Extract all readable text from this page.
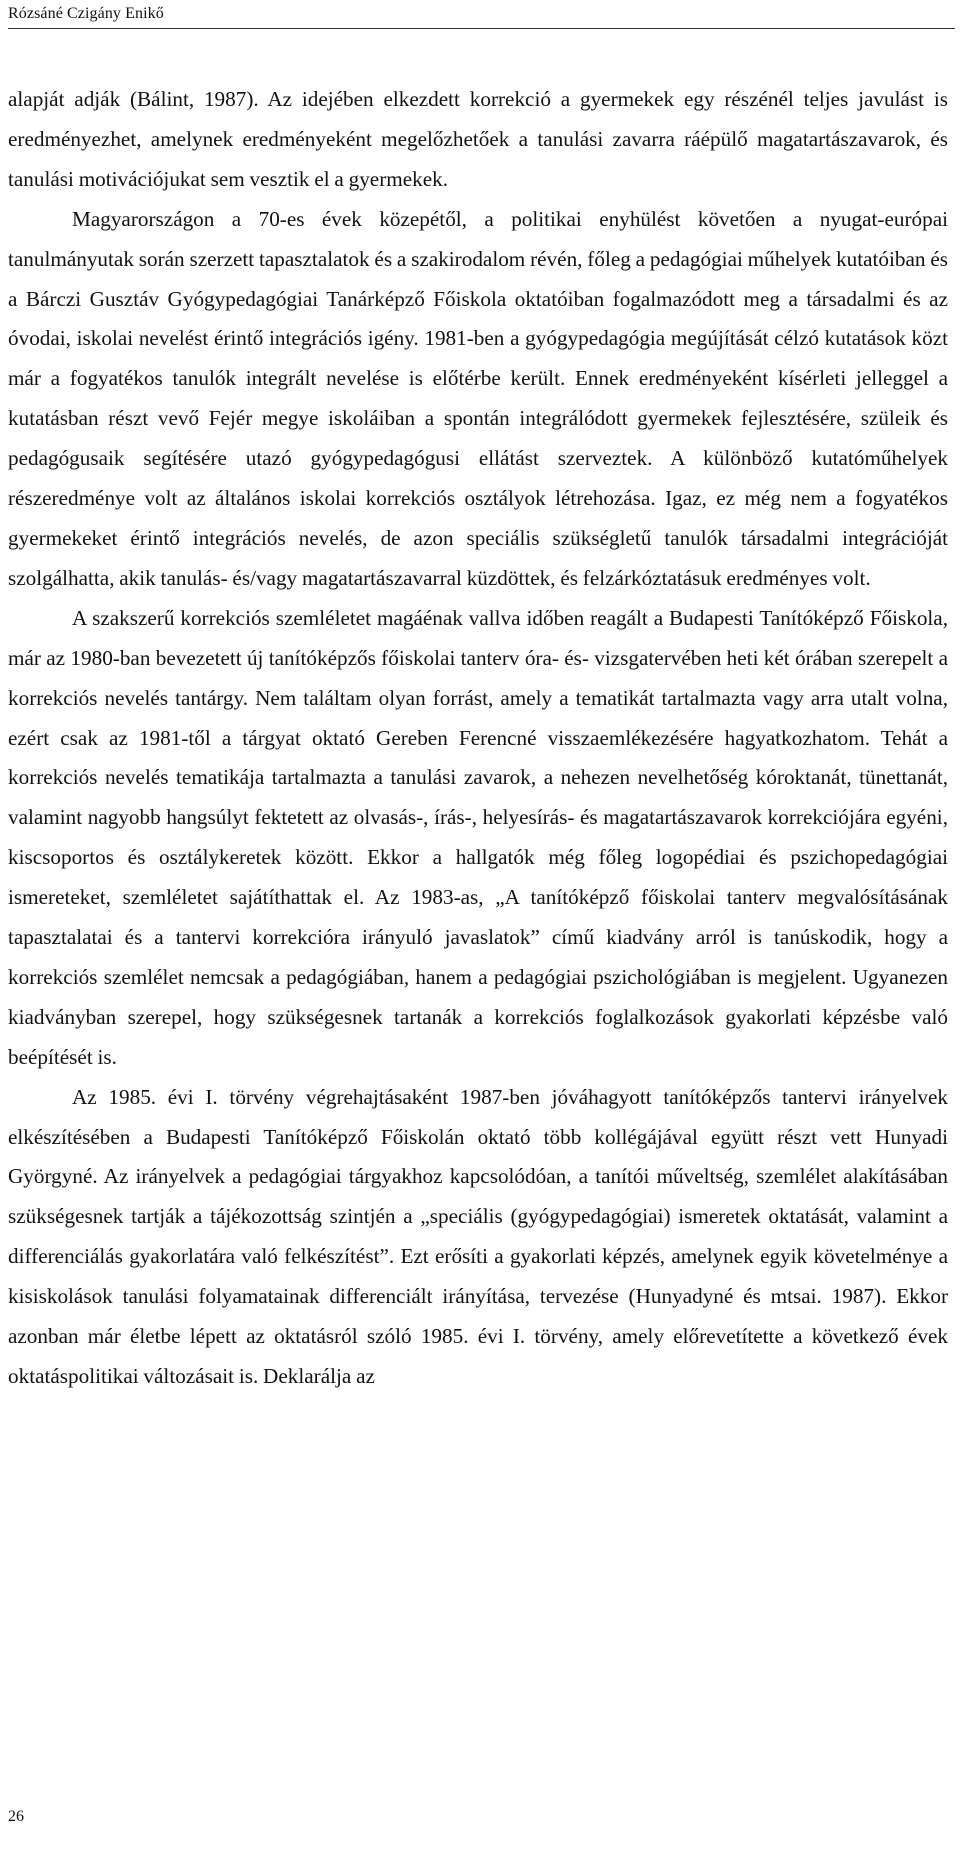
Rózsáné Czigány Enikő

alapját adják (Bálint, 1987). Az idejében elkezdett korrekció a gyermekek egy részénél teljes javulást is eredményezhet, amelynek eredményeként megelőzhetőek a tanulási zavarra ráépülő magatartászavarok, és tanulási motivációjukat sem vesztik el a gyermekek.

Magyarországon a 70-es évek közepétől, a politikai enyhülést követően a nyugat-európai tanulmányutak során szerzett tapasztalatok és a szakirodalom révén, főleg a pedagógiai műhelyek kutatóiban és a Bárczi Gusztáv Gyógypedagógiai Tanárképző Főiskola oktatóiban fogalmazódott meg a társadalmi és az óvodai, iskolai nevelést érintő integrációs igény. 1981-ben a gyógypedagógia megújítását célzó kutatások közt már a fogyatékos tanulók integrált nevelése is előtérbe került. Ennek eredményeként kísérleti jelleggel a kutatásban részt vevő Fejér megye iskoláiban a spontán integrálódott gyermekek fejlesztésére, szüleik és pedagógusaik segítésére utazó gyógypedagógusi ellátást szerveztek. A különböző kutatóműhelyek részeredménye volt az általános iskolai korrekciós osztályok létrehozása. Igaz, ez még nem a fogyatékos gyermekeket érintő integrációs nevelés, de azon speciális szükségletű tanulók társadalmi integrációját szolgálhatta, akik tanulás- és/vagy magatartászavarral küzdöttek, és felzárkóztatásuk eredményes volt.

A szakszerű korrekciós szemléletet magáénak vallva időben reagált a Budapesti Tanítóképző Főiskola, már az 1980-ban bevezetett új tanítóképzős főiskolai tanterv óra- és- vizsgatervében heti két órában szerepelt a korrekciós nevelés tantárgy. Nem találtam olyan forrást, amely a tematikát tartalmazta vagy arra utalt volna, ezért csak az 1981-től a tárgyat oktató Gereben Ferencné visszaemlékezésére hagyatkozhatom. Tehát a korrekciós nevelés tematikája tartalmazta a tanulási zavarok, a nehezen nevelhetőség kóroktanát, tünettanát, valamint nagyobb hangsúlyt fektetett az olvasás-, írás-, helyesírás- és magatartászavarok korrekciójára egyéni, kiscsoportos és osztálykeretek között. Ekkor a hallgatók még főleg logopédiai és pszichopedagógiai ismereteket, szemléletet sajátíthattak el. Az 1983-as, „A tanítóképző főiskolai tanterv megvalósításának tapasztalatai és a tantervi korrekcióra irányuló javaslatok” című kiadvány arról is tanúskodik, hogy a korrekciós szemlélet nemcsak a pedagógiában, hanem a pedagógiai pszichológiában is megjelent. Ugyanezen kiadványban szerepel, hogy szükségesnek tartanák a korrekciós foglalkozások gyakorlati képzésbe való beépítését is.

Az 1985. évi I. törvény végrehajtásaként 1987-ben jóváhagyott tanítóképzős tantervi irányelvek elkészítésében a Budapesti Tanítóképző Főiskolán oktató több kollégájával együtt részt vett Hunyadi Györgyné. Az irányelvek a pedagógiai tárgyakhoz kapcsolódóan, a tanítói műveltség, szemlélet alakításában szükségesnek tartják a tájékozottság szintjén a „speciális (gyógypedagógiai) ismeretek oktatását, valamint a differenciálás gyakorlatára való felkészítést”. Ezt erősíti a gyakorlati képzés, amelynek egyik követelménye a kisiskolások tanulási folyamatainak differenciált irányítása, tervezése (Hunyadyné és mtsai. 1987). Ekkor azonban már életbe lépett az oktatásról szóló 1985. évi I. törvény, amely előrevetítette a következő évek oktatáspolitikai változásait is. Deklarálja az

26
